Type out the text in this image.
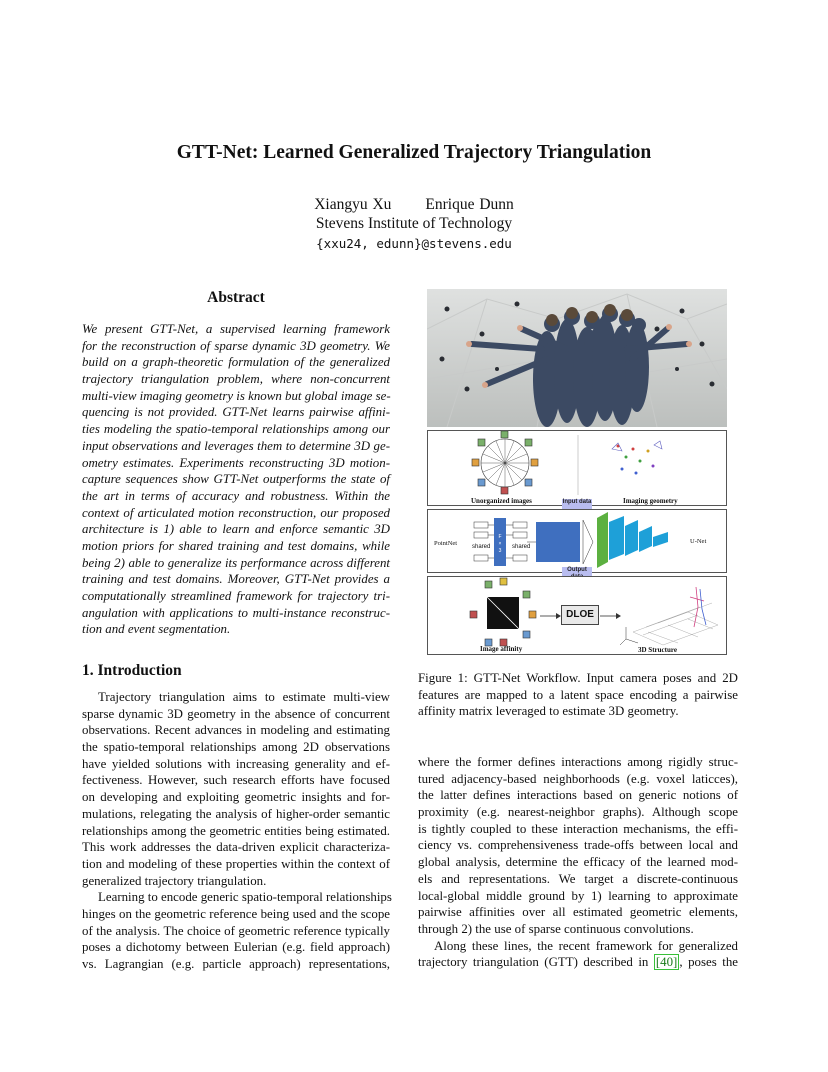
GTT-Net: Learned Generalized Trajectory Triangulation
Xiangyu Xu Enrique Dunn
Stevens Institute of Technology
{xxu24, edunn}@stevens.edu
Abstract
We present GTT-Net, a supervised learning framework
for the reconstruction of sparse dynamic 3D geometry. We
build on a graph-theoretic formulation of the generalized
trajectory triangulation problem, where non-concurrent
multi-view imaging geometry is known but global image se-
quencing is not provided. GTT-Net learns pairwise affini-
ties modeling the spatio-temporal relationships among our
input observations and leverages them to determine 3D ge-
ometry estimates. Experiments reconstructing 3D motion-
capture sequences show GTT-Net outperforms the state of
the art in terms of accuracy and robustness. Within the
context of articulated motion reconstruction, our proposed
architecture is 1) able to learn and enforce semantic 3D
motion priors for shared training and test domains, while
being 2) able to generalize its performance across different
training and test domains. Moreover, GTT-Net provides a
computationally streamlined framework for trajectory tri-
angulation with applications to multi-instance reconstruc-
tion and event segmentation.
1. Introduction
Trajectory triangulation aims to estimate multi-view
sparse dynamic 3D geometry in the absence of concurrent
observations. Recent advances in modeling and estimating
the spatio-temporal relationships among 2D observations
have yielded solutions with increasing generality and ef-
fectiveness. However, such research efforts have focused
on developing and exploiting geometric insights and for-
mulations, relegating the analysis of higher-order semantic
relationships among the geometric entities being estimated.
This work addresses the data-driven explicit characteriza-
tion and modeling of these properties within the context of
generalized trajectory triangulation.
Learning to encode generic spatio-temporal relationships
hinges on the geometric reference being used and the scope
of the analysis. The choice of geometric reference typically
poses a dichotomy between Eulerian (e.g. field approach)
vs. Lagrangian (e.g. particle approach) representations,
Unorganized images	Imaging geometry
Input data
PointNet
F
×
3
shared	shared
U-Net
Output
DLOE
Image affinity	3D Structure
Figure 1: GTT-Net Workflow. Input camera poses and 2D
features are mapped to a latent space encoding a pairwise
affinity matrix leveraged to estimate 3D geometry.
where the former defines interactions among rigidly struc-
tured adjacency-based neighborhoods (e.g. voxel laticces),
the latter defines interactions based on generic notions of
proximity (e.g. nearest-neighbor graphs). Although scope
is tightly coupled to these interaction mechanisms, the effi-
ciency vs. comprehensiveness trade-offs between local and
global analysis, determine the efficacy of the learned mod-
els and representations. We target a discrete-continuous
local-global middle ground by 1) learning to approximate
pairwise affinities over all estimated geometric elements,
through 2) the use of sparse continuous convolutions.
Along these lines, the recent framework for generalized
trajectory triangulation (GTT) described in [40] , poses the
